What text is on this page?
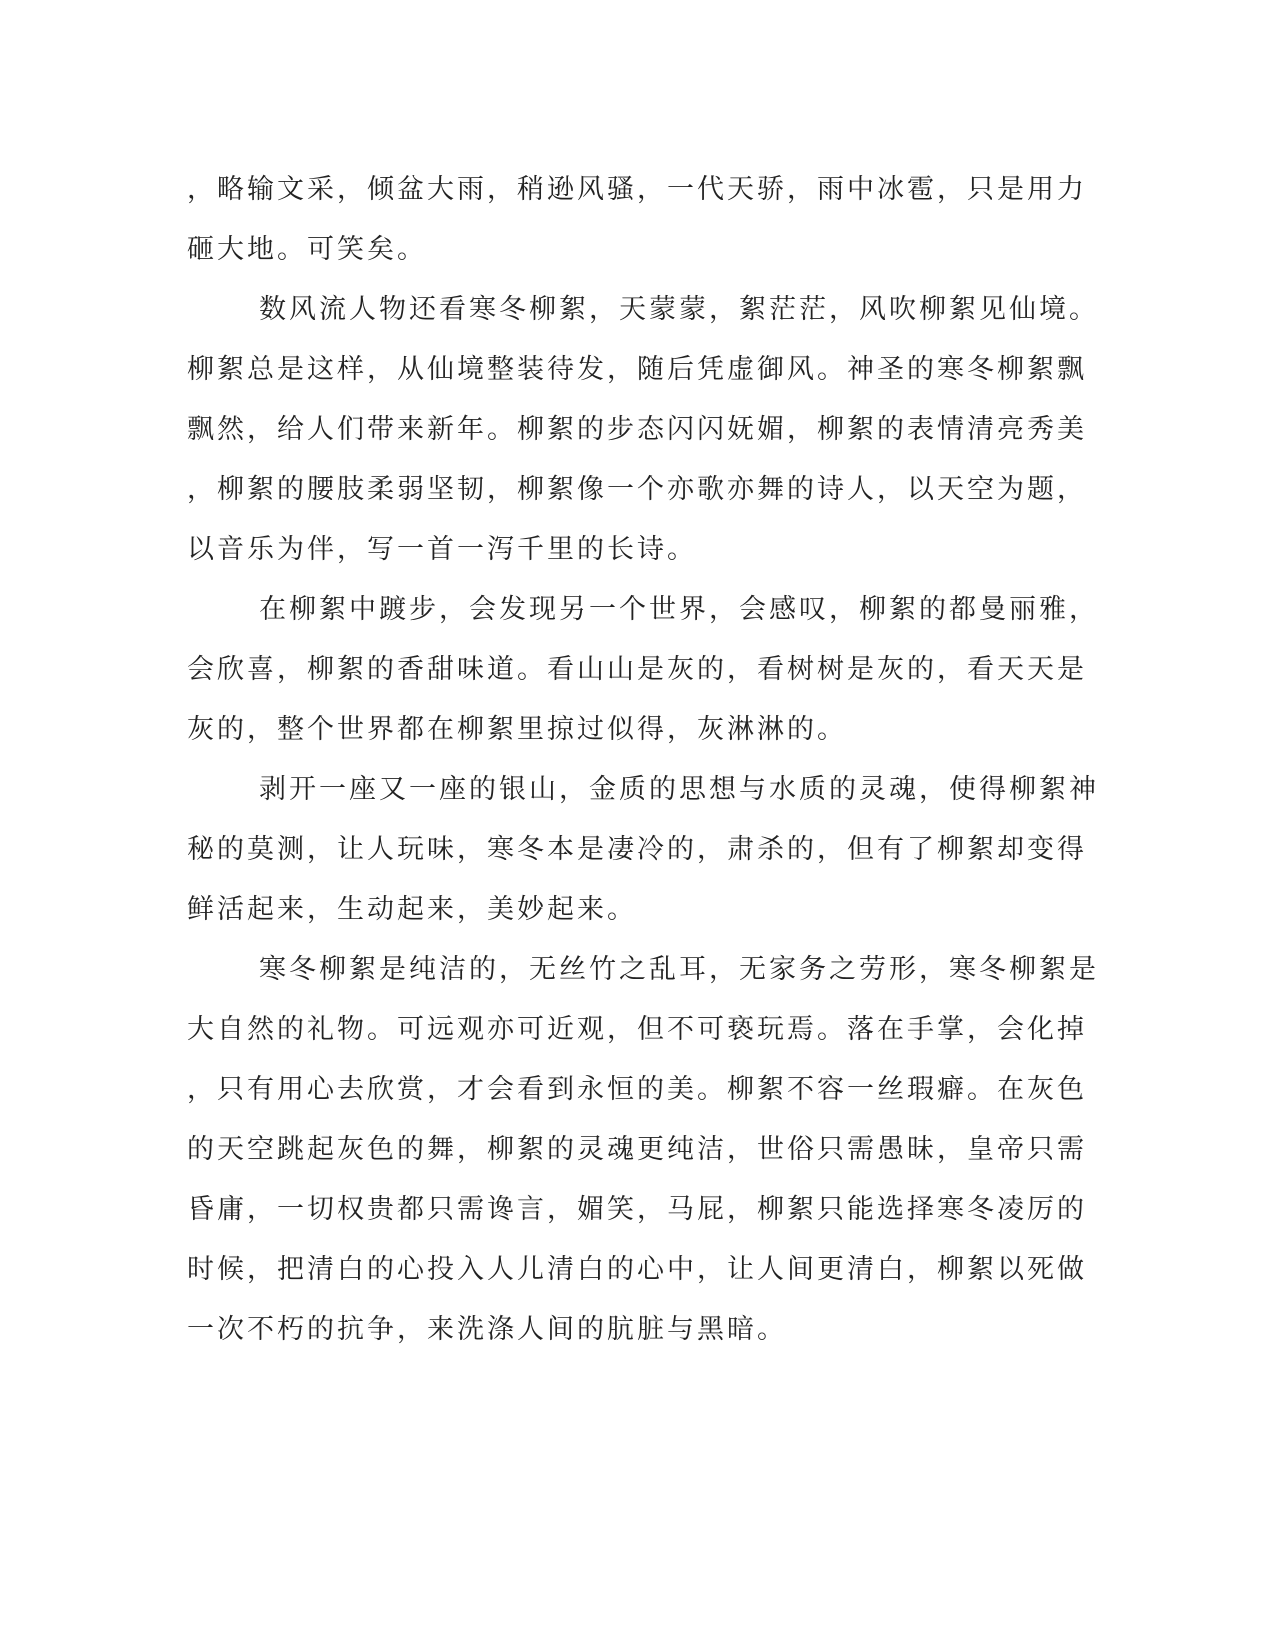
，略输文采，倾盆大雨，稍逊风骚，一代天骄，雨中冰雹，只是用力
砸大地。可笑矣。

数风流人物还看寒冬柳絮，天蒙蒙，絮茫茫，风吹柳絮见仙境。
柳絮总是这样，从仙境整装待发，随后凭虚御风。神圣的寒冬柳絮飘
飘然，给人们带来新年。柳絮的步态闪闪妩媚，柳絮的表情清亮秀美
，柳絮的腰肢柔弱坚韧，柳絮像一个亦歌亦舞的诗人，以天空为题，
以音乐为伴，写一首一泻千里的长诗。

在柳絮中踱步，会发现另一个世界，会感叹，柳絮的都曼丽雅，
会欣喜，柳絮的香甜味道。看山山是灰的，看树树是灰的，看天天是
灰的，整个世界都在柳絮里掠过似得，灰淋淋的。

剥开一座又一座的银山，金质的思想与水质的灵魂，使得柳絮神
秘的莫测，让人玩味，寒冬本是凄冷的，肃杀的，但有了柳絮却变得
鲜活起来，生动起来，美妙起来。

寒冬柳絮是纯洁的，无丝竹之乱耳，无家务之劳形，寒冬柳絮是
大自然的礼物。可远观亦可近观，但不可亵玩焉。落在手掌，会化掉
，只有用心去欣赏，才会看到永恒的美。柳絮不容一丝瑕癖。在灰色
的天空跳起灰色的舞，柳絮的灵魂更纯洁，世俗只需愚昧，皇帝只需
昏庸，一切权贵都只需谗言，媚笑，马屁，柳絮只能选择寒冬凌厉的
时候，把清白的心投入人儿清白的心中，让人间更清白，柳絮以死做
一次不朽的抗争，来洗涤人间的肮脏与黑暗。
